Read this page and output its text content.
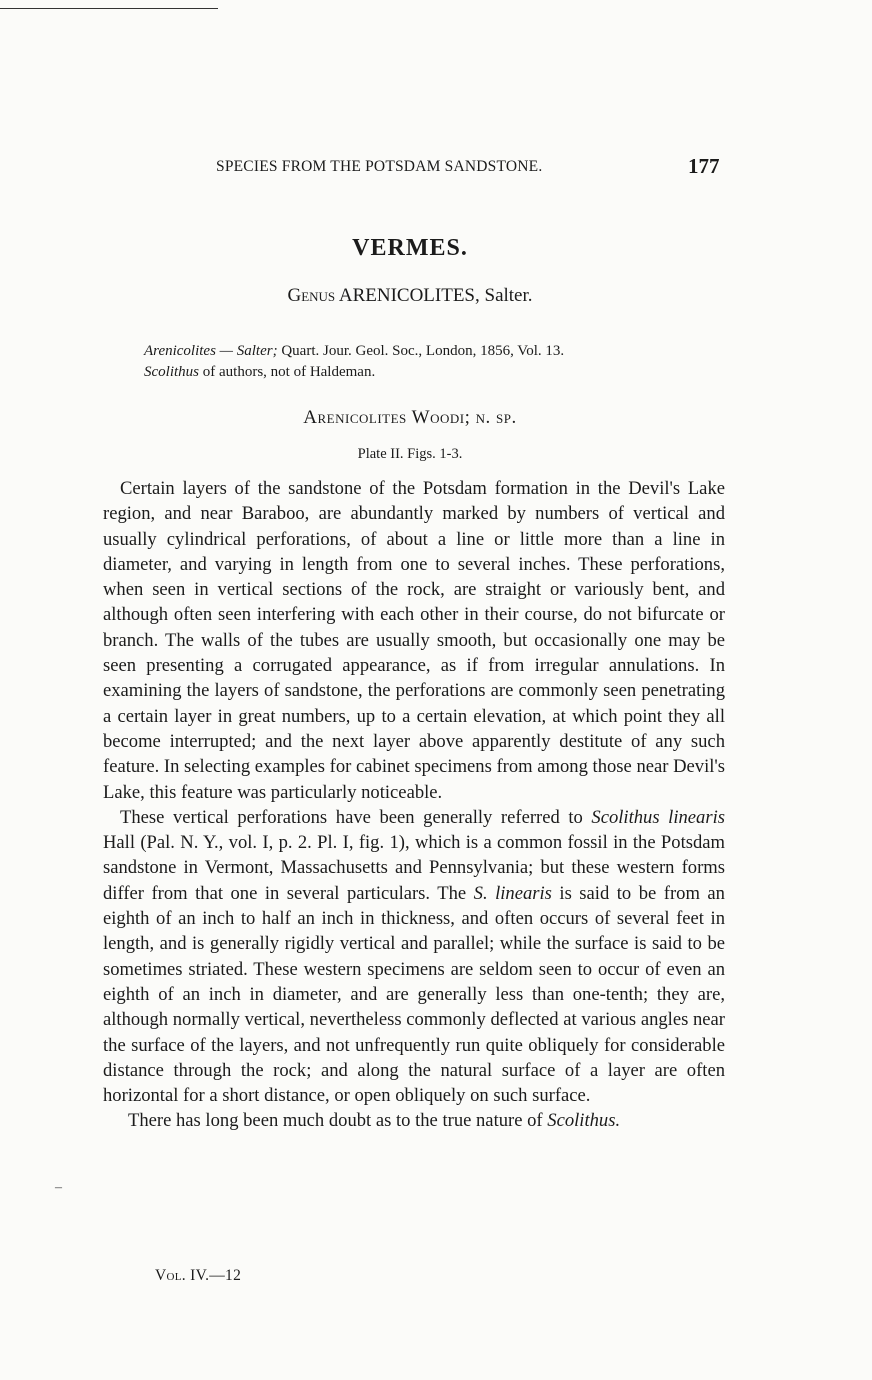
SPECIES FROM THE POTSDAM SANDSTONE.	177
VERMES.
Genus ARENICOLITES, Salter.
Arenicolites — Salter; Quart. Jour. Geol. Soc., London, 1856, Vol. 13.
Scolithus of authors, not of Haldeman.
Arenicolites Woodi; n. sp.
Plate II. Figs. 1-3.

Certain layers of the sandstone of the Potsdam formation in the Devil's Lake region, and near Baraboo, are abundantly marked by numbers of vertical and usually cylindrical perforations, of about a line or little more than a line in diameter, and varying in length from one to several inches. These perforations, when seen in vertical sections of the rock, are straight or variously bent, and although often seen interfering with each other in their course, do not bifurcate or branch. The walls of the tubes are usually smooth, but occasionally one may be seen presenting a corrugated appearance, as if from irregular annulations. In examining the layers of sandstone, the perforations are commonly seen penetrating a certain layer in great numbers, up to a certain elevation, at which point they all become interrupted; and the next layer above apparently destitute of any such feature. In selecting examples for cabinet specimens from among those near Devil's Lake, this feature was particularly noticeable.

These vertical perforations have been generally referred to Scolithus linearis Hall (Pal. N. Y., vol. I, p. 2. Pl. I, fig. 1), which is a common fossil in the Potsdam sandstone in Vermont, Massachusetts and Pennsylvania; but these western forms differ from that one in several particulars. The S. linearis is said to be from an eighth of an inch to half an inch in thickness, and often occurs of several feet in length, and is generally rigidly vertical and parallel; while the surface is said to be sometimes striated. These western specimens are seldom seen to occur of even an eighth of an inch in diameter, and are generally less than one-tenth; they are, although normally vertical, nevertheless commonly deflected at various angles near the surface of the layers, and not unfrequently run quite obliquely for considerable distance through the rock; and along the natural surface of a layer are often horizontal for a short distance, or open obliquely on such surface.

There has long been much doubt as to the true nature of Scolithus.

–
Vol. IV.—12
